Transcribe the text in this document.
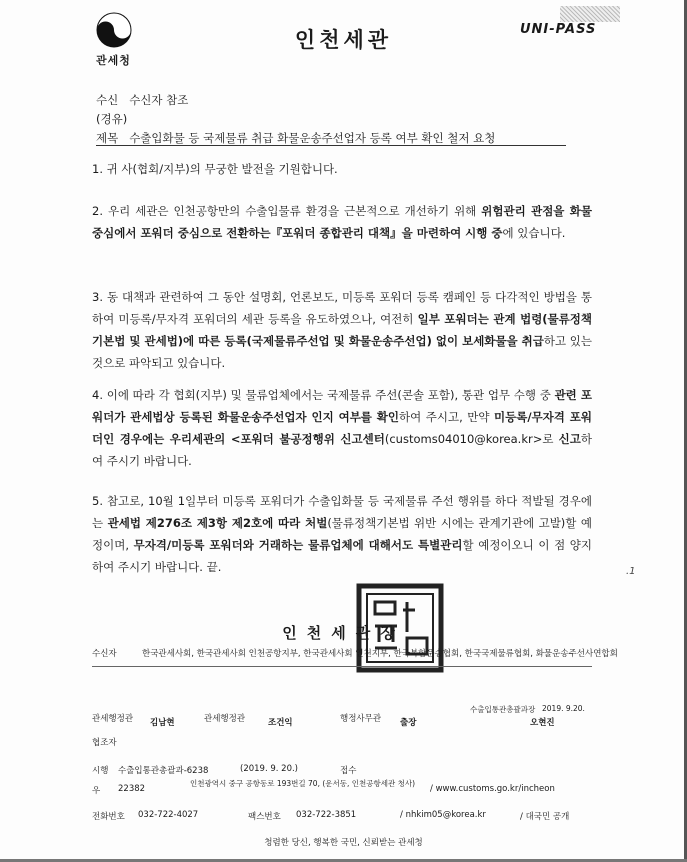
관세청
인천세관	UNI-PASS
수신 수신자 참조
(경유)
제목 수출입화물 등 국제물류 취급 화물운송주선업자 등록 여부 확인 철저 요청
1. 귀 사(협회/지부)의 무궁한 발전을 기원합니다.
2. 우리 세관은 인천공항만의 수출입물류 환경을 근본적으로 개선하기 위해 위험관리 관점을 화물 중심에서 포워더 중심으로 전환하는『포워더 종합관리 대책』을 마련하여 시행 중에 있습니다.
3. 동 대책과 관련하여 그 동안 설명회, 언론보도, 미등록 포워더 등록 캠페인 등 다각적인 방법을 통하여 미등록/무자격 포워더의 세관 등록을 유도하였으나, 여전히 일부 포워더는 관계 법령(물류정책기본법 및 관세법)에 따른 등록(국제물류주선업 및 화물운송주선업) 없이 보세화물을 취급하고 있는 것으로 파악되고 있습니다.
4. 이에 따라 각 협회(지부) 및 물류업체에서는 국제물류 주선(콘솔 포함), 통관 업무 수행 중 관련 포워더가 관세법상 등록된 화물운송주선업자 인지 여부를 확인하여 주시고, 만약 미등록/무자격 포워더인 경우에는 우리세관의 <포워더 불공정행위 신고센터(customs04010@korea.kr>로 신고하여 주시기 바랍니다.
5. 참고로, 10월 1일부터 미등록 포워더가 수출입화물 등 국제물류 주선 행위를 하다 적발될 경우에는 관세법 제276조 제3항 제2호에 따라 처벌(물류정책기본법 위반 시에는 관계기관에 고발)할 예정이며, 무자격/미등록 포워더와 거래하는 물류업체에 대해서도 특별관리할 예정이오니 이 점 양지하여 주시기 바랍니다. 끝.	.1
인천세관장
수신자	한국관세사회, 한국관세사회 인천공항지부, 한국관세사회 인천지부, 한국복합운송협회, 한국국제물류협회, 화물운송주선사연합회
관세행정관 김남현	관세행정관	조건익	행정사무관 출장
수출입통관총괄과장 2019. 9.20.
오현진
협조자
시행 수출입통관총괄과-6238	(2019. 9. 20.)	접수
우 22382
인천광역시 중구 공항동로 193번길 70, (운서동, 인천공항세관 청사)
/ www.customs.go.kr/incheon
전화번호 032-722-4027	팩스번호 032-722-3851	/ nhkim05@korea.kr	/ 대국민 공개
청렴한 당신, 행복한 국민, 신뢰받는 관세청
